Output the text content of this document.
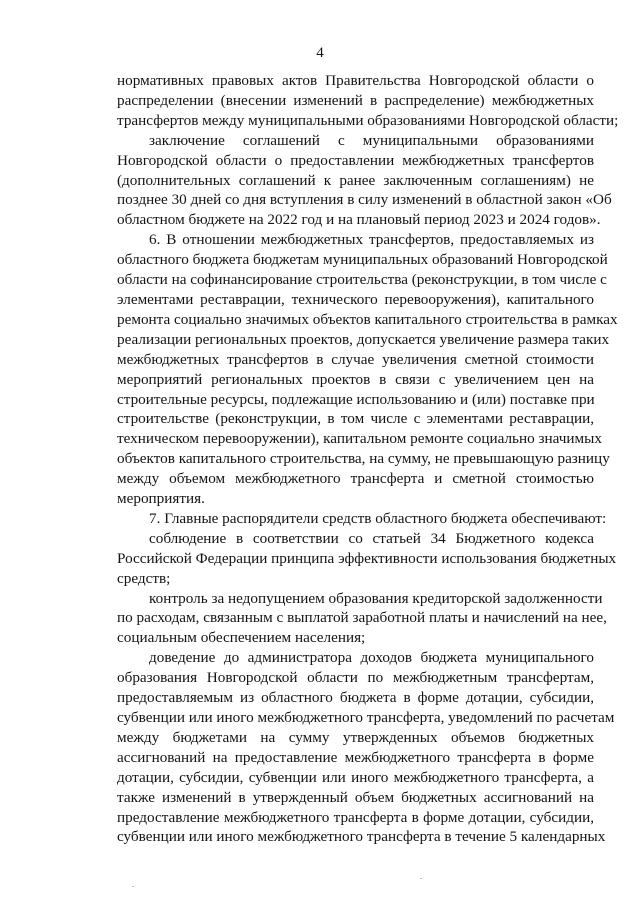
4

нормативных правовых актов Правительства Новгородской области о

распределении (внесении изменений в распределение) межбюджетных

трансфертов между муниципальными образованиями Новгородской области;

заключение соглашений с муниципальными образованиями

Новгородской области о предоставлении межбюджетных трансфертов

(дополнительных соглашений к ранее заключенным соглашениям) не

позднее 30 дней со дня вступления в силу изменений в областной закон «Об

областном бюджете на 2022 год и на плановый период 2023 и 2024 годов».

6. В отношении межбюджетных трансфертов, предоставляемых из

областного бюджета бюджетам муниципальных образований Новгородской

области на софинансирование строительства (реконструкции, в том числе с

элементами реставрации, технического перевооружения), капитального

ремонта социально значимых объектов капитального строительства в рамках

реализации региональных проектов, допускается увеличение размера таких

межбюджетных трансфертов в случае увеличения сметной стоимости

мероприятий региональных проектов в связи с увеличением цен на

строительные ресурсы, подлежащие использованию и (или) поставке при

строительстве (реконструкции, в том числе с элементами реставрации,

техническом перевооружении), капитальном ремонте социально значимых

объектов капитального строительства, на сумму, не превышающую разницу

между объемом межбюджетного трансферта и сметной стоимостью

мероприятия.

7. Главные распорядители средств областного бюджета обеспечивают:

соблюдение в соответствии со статьей 34 Бюджетного кодекса

Российской Федерации принципа эффективности использования бюджетных

средств;

контроль за недопущением образования кредиторской задолженности

по расходам, связанным с выплатой заработной платы и начислений на нее,

социальным обеспечением населения;

доведение до администратора доходов бюджета муниципального

образования Новгородской области по межбюджетным трансфертам,

предоставляемым из областного бюджета в форме дотации, субсидии,

субвенции или иного межбюджетного трансферта, уведомлений по расчетам

между бюджетами на сумму утвержденных объемов бюджетных

ассигнований на предоставление межбюджетного трансферта в форме

дотации, субсидии, субвенции или иного межбюджетного трансферта, а

также изменений в утвержденный объем бюджетных ассигнований на

предоставление межбюджетного трансферта в форме дотации, субсидии,

субвенции или иного межбюджетного трансферта в течение 5 календарных
